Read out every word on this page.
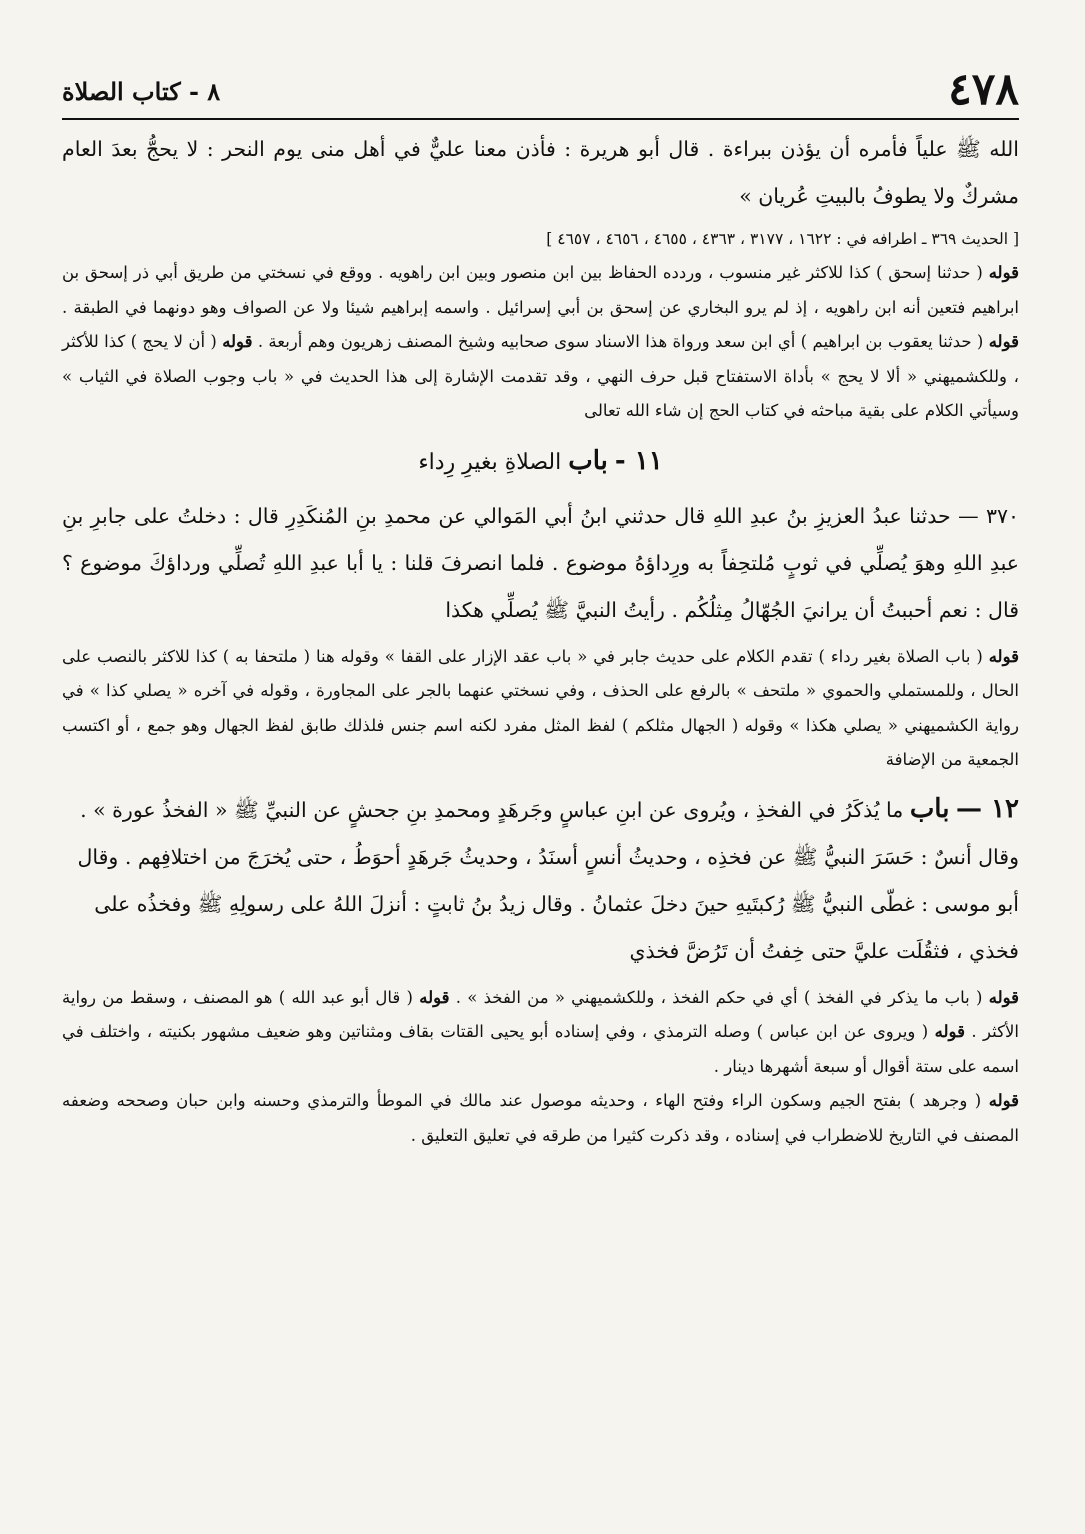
٤٧٨
٨ - كتاب الصلاة

الله ﷺ علياً فأمره أن يؤذن ببراءة . قال أبو هريرة : فأذن معنا عليٌّ في أهل منى يوم النحر : لا يحجُّ بعدَ العام مشركٌ ولا يطوفُ بالبيتِ عُريان »

[ الحديث ٣٦٩ ـ اطرافه في : ١٦٢٢ ، ٣١٧٧ ، ٤٣٦٣ ، ٤٦٥٥ ، ٤٦٥٦ ، ٤٦٥٧ ]

قوله ( حدثنا إسحق ) كذا للاكثر غير منسوب ، وردده الحفاظ بين ابن منصور وبين ابن راهويه . ووقع في نسختي من طريق أبي ذر إسحق بن ابراهيم فتعين أنه ابن راهويه ، إذ لم يرو البخاري عن إسحق بن أبي إسرائيل . واسمه إبراهيم شيئا ولا عن الصواف وهو دونهما في الطبقة . قوله ( حدثنا يعقوب بن ابراهيم ) أي ابن سعد ورواة هذا الاسناد سوى صحابيه وشيخ المصنف زهريون وهم أربعة . قوله ( أن لا يحج ) كذا للأكثر ، وللكشميهني « ألا لا يحج » بأداة الاستفتاح قبل حرف النهي ، وقد تقدمت الإشارة إلى هذا الحديث في « باب وجوب الصلاة في الثياب » وسيأتي الكلام على بقية مباحثه في كتاب الحج إن شاء الله تعالى

١١ - باب الصلاةِ بغيرِ رِداء

٣٧٠ — حدثنا عبدُ العزيزِ بنُ عبدِ اللهِ قال حدثني ابنُ أبي المَوالي عن محمدِ بنِ المُنكَدِرِ قال : دخلتُ على جابرِ بنِ عبدِ اللهِ وهوَ يُصلِّي في ثوبٍ مُلتحِفاً به ورِداؤهُ موضوع . فلما انصرفَ قلنا : يا أبا عبدِ اللهِ تُصلِّي ورداؤكَ موضوع ؟ قال : نعم أحببتُ أن يرانيَ الجُهّالُ مِثلُكُم . رأيتُ النبيَّ ﷺ يُصلِّي هكذا

قوله ( باب الصلاة بغير رداء ) تقدم الكلام على حديث جابر في « باب عقد الإزار على القفا » وقوله هنا ( ملتحفا به ) كذا للاكثر بالنصب على الحال ، وللمستملي والحموي « ملتحف » بالرفع على الحذف ، وفي نسختي عنهما بالجر على المجاورة ، وقوله في آخره « يصلي كذا » في رواية الكشميهني « يصلي هكذا » وقوله ( الجهال مثلكم ) لفظ المثل مفرد لكنه اسم جنس فلذلك طابق لفظ الجهال وهو جمع ، أو اكتسب الجمعية من الإضافة

١٢ — باب ما يُذكَرُ في الفخذِ ، ويُروى عن ابنِ عباسٍ وجَرهَدٍ ومحمدِ بنِ جحشٍ عن النبيِّ ﷺ « الفخذُ عورة » . وقال أنسٌ : حَسَرَ النبيُّ ﷺ عن فخذِه ، وحديثُ أنسٍ أسنَدُ ، وحديثُ جَرهَدٍ أحوَطُ ، حتى يُخرَجَ من اختلافِهم . وقال أبو موسى : غطّى النبيُّ ﷺ رُكبتَيهِ حينَ دخلَ عثمانُ . وقال زيدُ بنُ ثابتٍ : أنزلَ اللهُ على رسولِهِ ﷺ وفخذُه على فخذي ، فثقُلَت عليَّ حتى خِفتُ أن تَرُضَّ فخذي

قوله ( باب ما يذكر في الفخذ ) أي في حكم الفخذ ، وللكشميهني « من الفخذ » . قوله ( قال أبو عبد الله ) هو المصنف ، وسقط من رواية الأكثر . قوله ( ويروى عن ابن عباس ) وصله الترمذي ، وفي إسناده أبو يحيى القتات بقاف ومثناتين وهو ضعيف مشهور بكنيته ، واختلف في اسمه على ستة أقوال أو سبعة أشهرها دينار .

قوله ( وجرهد ) بفتح الجيم وسكون الراء وفتح الهاء ، وحديثه موصول عند مالك في الموطأ والترمذي وحسنه وابن حبان وصححه وضعفه المصنف في التاريخ للاضطراب في إسناده ، وقد ذكرت كثيرا من طرقه في تعليق التعليق .
